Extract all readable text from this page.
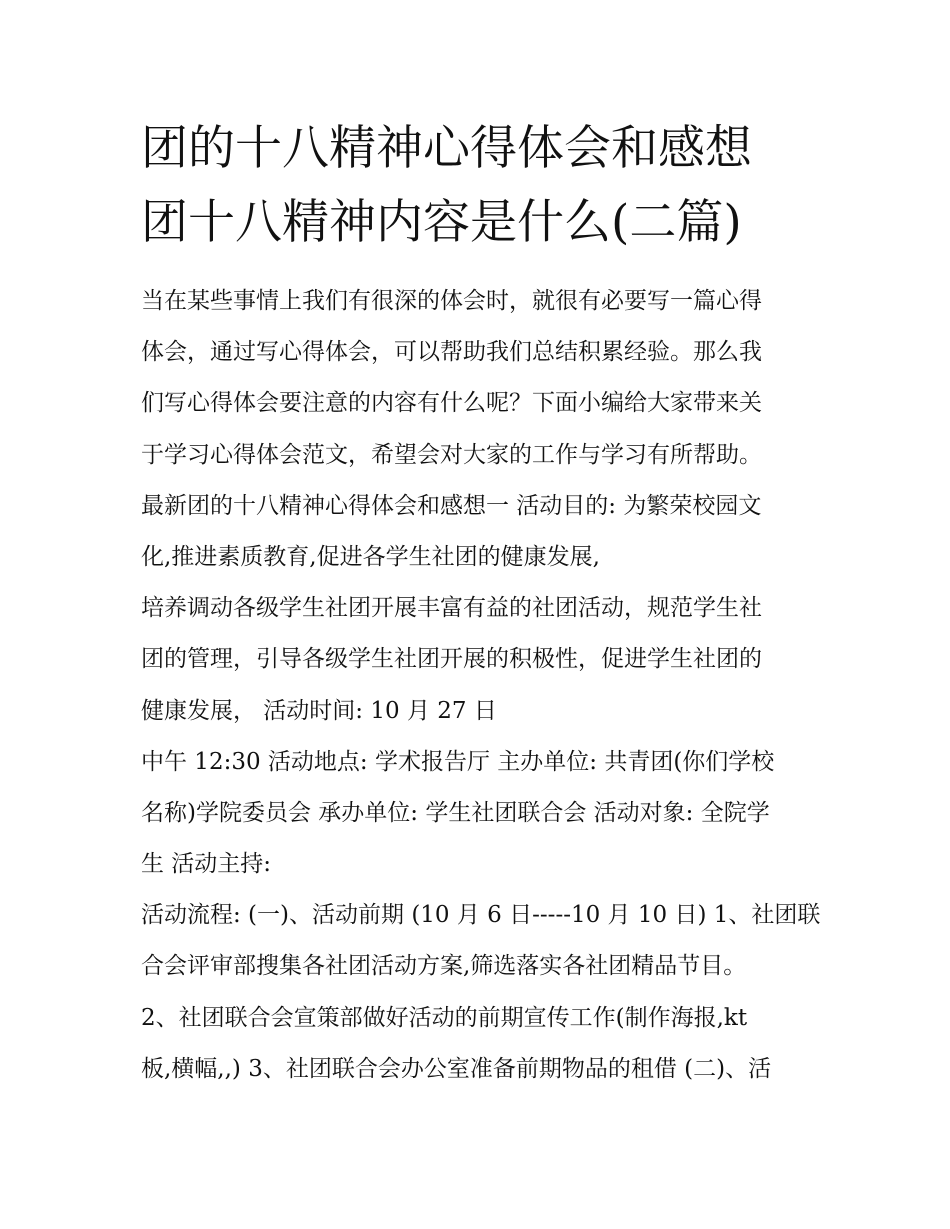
团的十八精神心得体会和感想
团十八精神内容是什么(二篇)
当在某些事情上我们有很深的体会时，就很有必要写一篇心得
体会，通过写心得体会，可以帮助我们总结积累经验。那么我
们写心得体会要注意的内容有什么呢？下面小编给大家带来关
于学习心得体会范文，希望会对大家的工作与学习有所帮助。
最新团的十八精神心得体会和感想一 活动目的: 为繁荣校园文
化,推进素质教育,促进各学生社团的健康发展,
培养调动各级学生社团开展丰富有益的社团活动，规范学生社
团的管理，引导各级学生社团开展的积极性，促进学生社团的
健康发展， 活动时间: 10 月 27 日
中午 12:30 活动地点: 学术报告厅 主办单位: 共青团(你们学校
名称)学院委员会 承办单位: 学生社团联合会 活动对象: 全院学
生 活动主持:
活动流程: (一)、活动前期 (10 月 6 日-----10 月 10 日) 1、社团联
合会评审部搜集各社团活动方案,筛选落实各社团精品节目。
2、社团联合会宣策部做好活动的前期宣传工作(制作海报,kt
板,横幅,,) 3、社团联合会办公室准备前期物品的租借 (二)、活
